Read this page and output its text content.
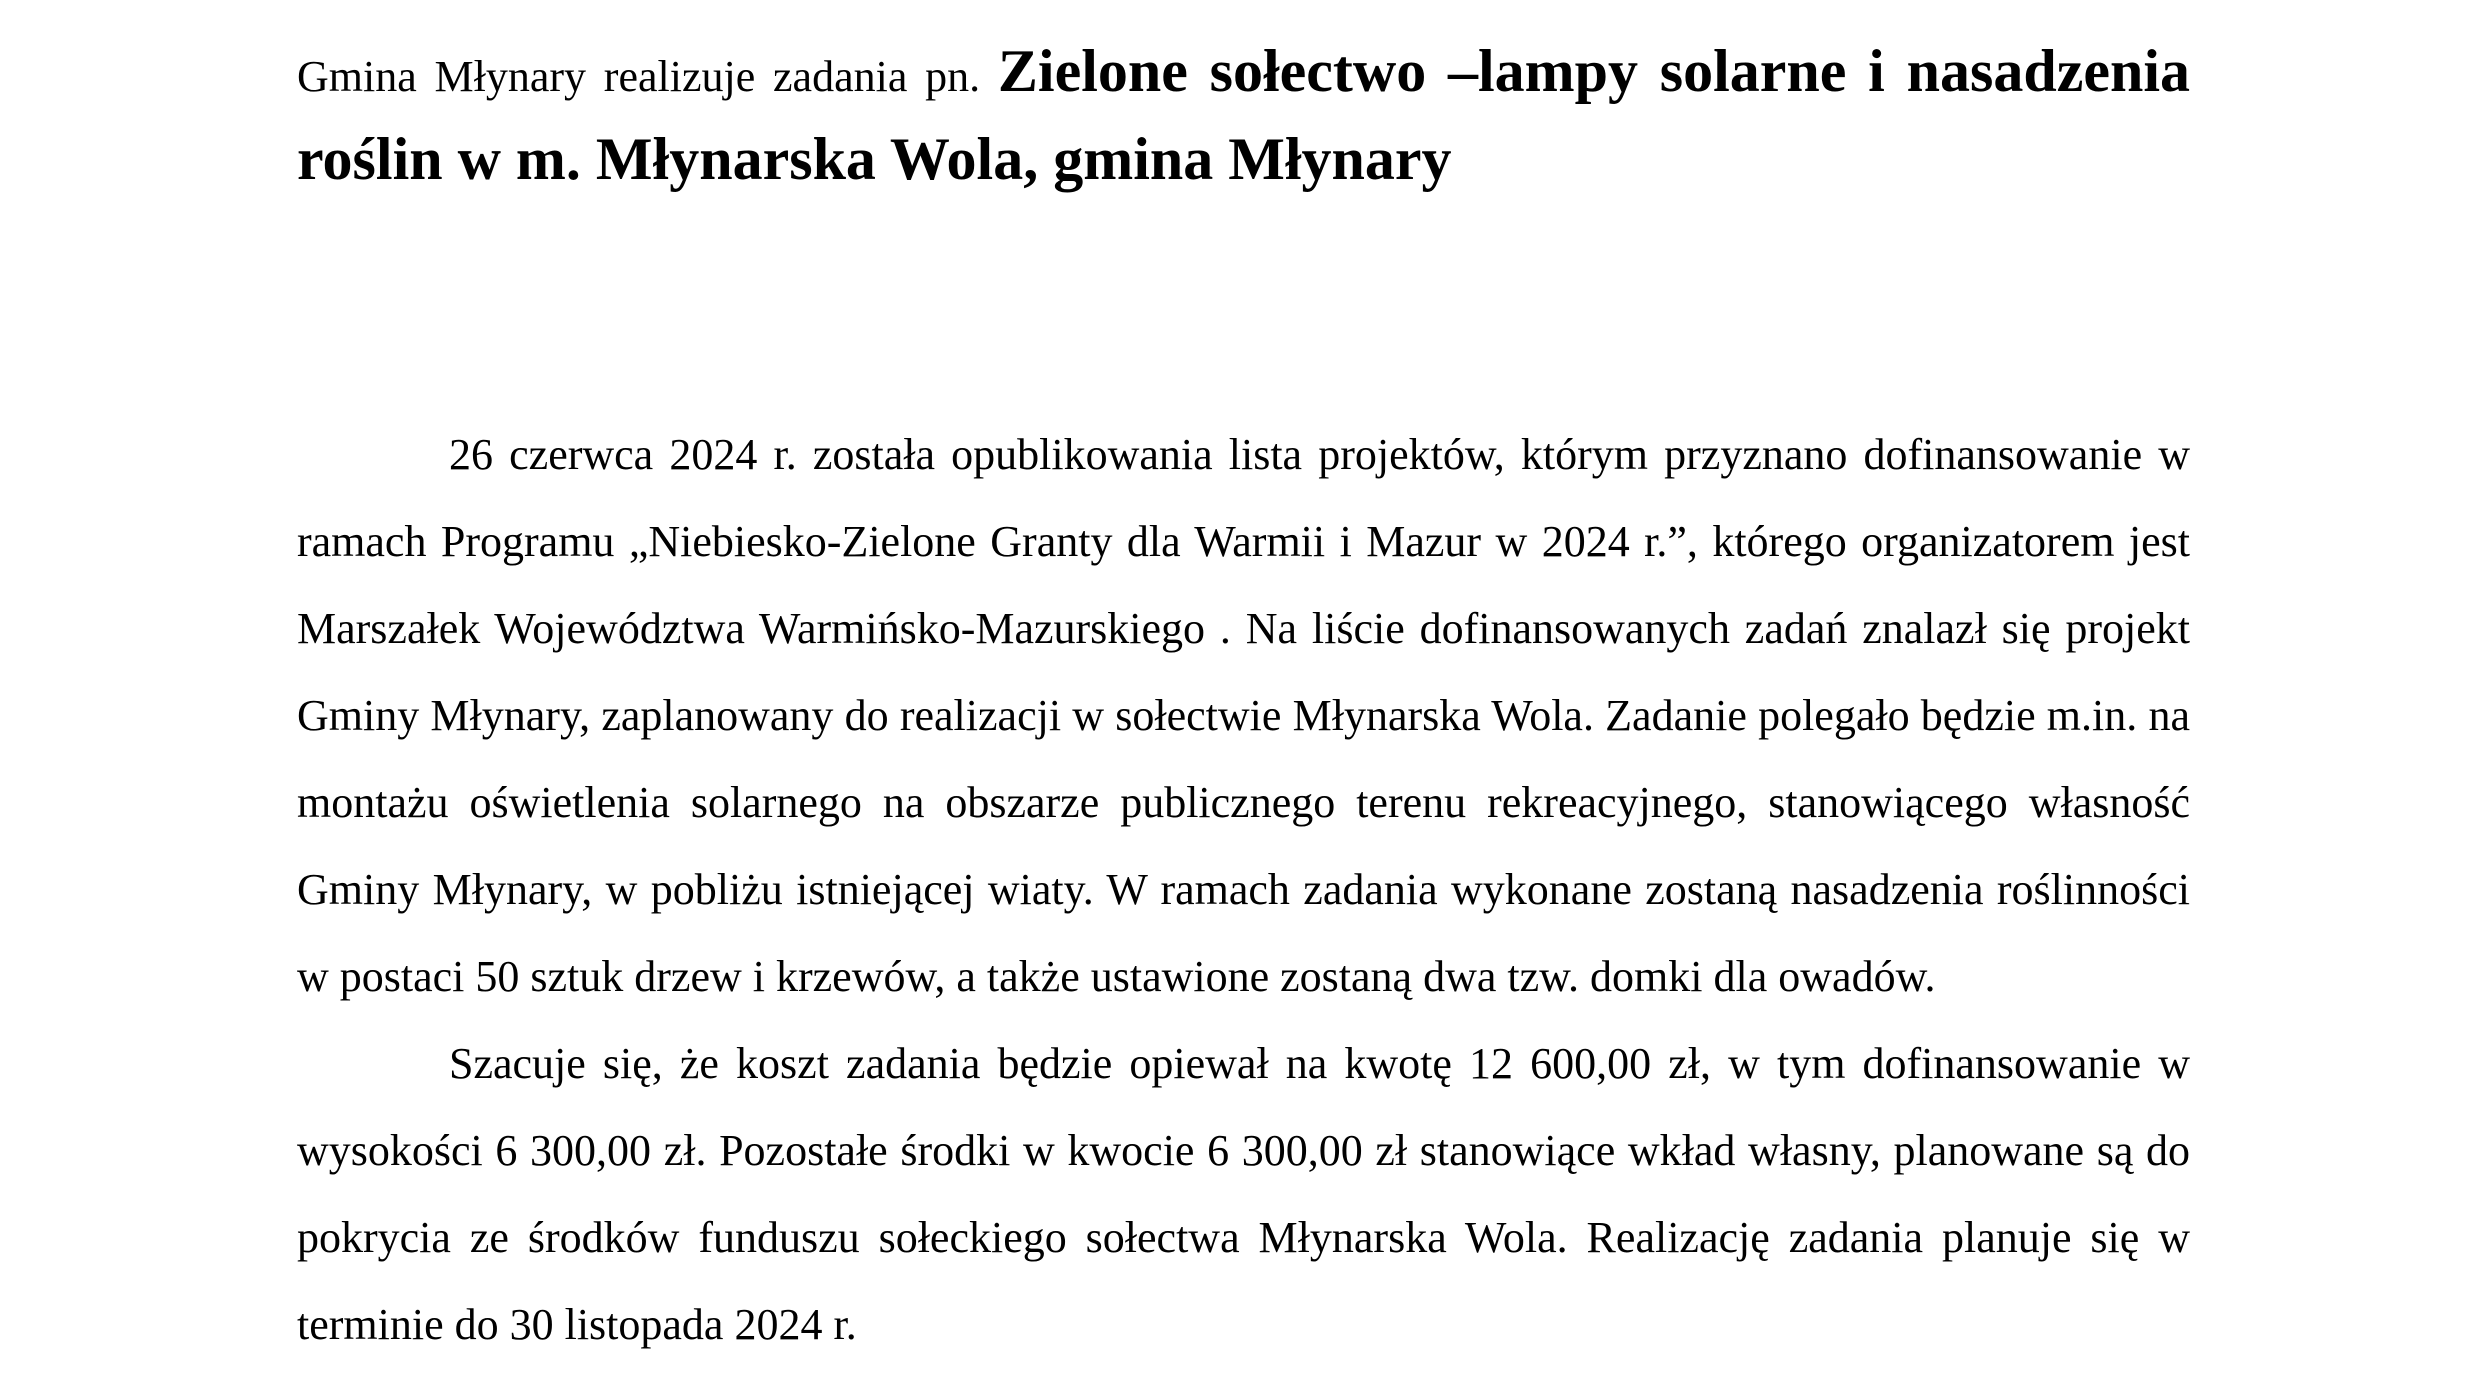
Gmina Młynary realizuje zadania pn. Zielone sołectwo –lampy solarne i nasadzenia roślin w m. Młynarska Wola, gmina Młynary

26 czerwca 2024 r. została opublikowania lista projektów, którym przyznano dofinansowanie w ramach Programu „Niebiesko-Zielone Granty dla Warmii i Mazur w 2024 r.”, którego organizatorem jest Marszałek Województwa Warmińsko-Mazurskiego . Na liście dofinansowanych zadań znalazł się projekt Gminy Młynary, zaplanowany do realizacji w sołectwie Młynarska Wola. Zadanie polegało będzie m.in. na montażu oświetlenia solarnego na obszarze publicznego terenu rekreacyjnego, stanowiącego własność Gminy Młynary, w pobliżu istniejącej wiaty. W ramach zadania wykonane zostaną nasadzenia roślinności w postaci 50 sztuk drzew i krzewów, a także ustawione zostaną dwa tzw. domki dla owadów.

Szacuje się, że koszt zadania będzie opiewał na kwotę 12 600,00 zł, w tym dofinansowanie w wysokości 6 300,00 zł. Pozostałe środki w kwocie 6 300,00 zł stanowiące wkład własny, planowane są do pokrycia ze środków funduszu sołeckiego sołectwa Młynarska Wola. Realizację zadania planuje się w terminie do 30 listopada 2024 r.
